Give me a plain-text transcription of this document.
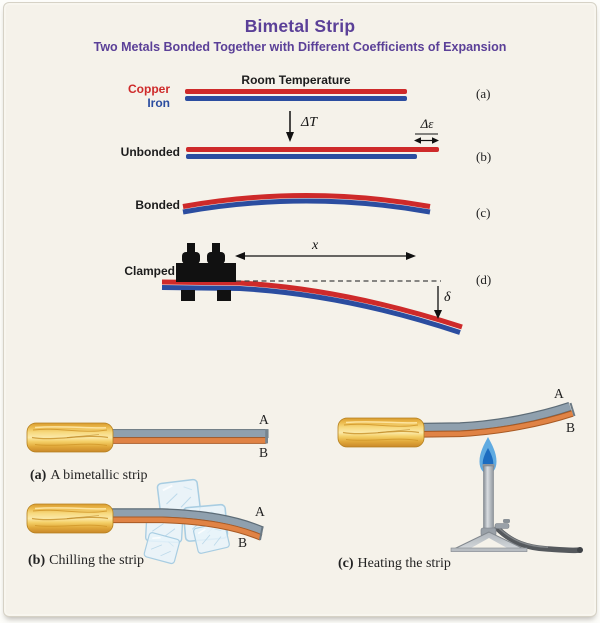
Bimetal Strip
Two Metals Bonded Together with Different Coefficients of Expansion
Room Temperature
Copper
Iron
(a)
ΔT
Unbonded
Δε
(b)
Bonded	(c)
Clamped
x
δ
(d)
A
B
(a) A bimetallic strip
A
B
(b) Chilling the strip
A
B
(c) Heating the strip
